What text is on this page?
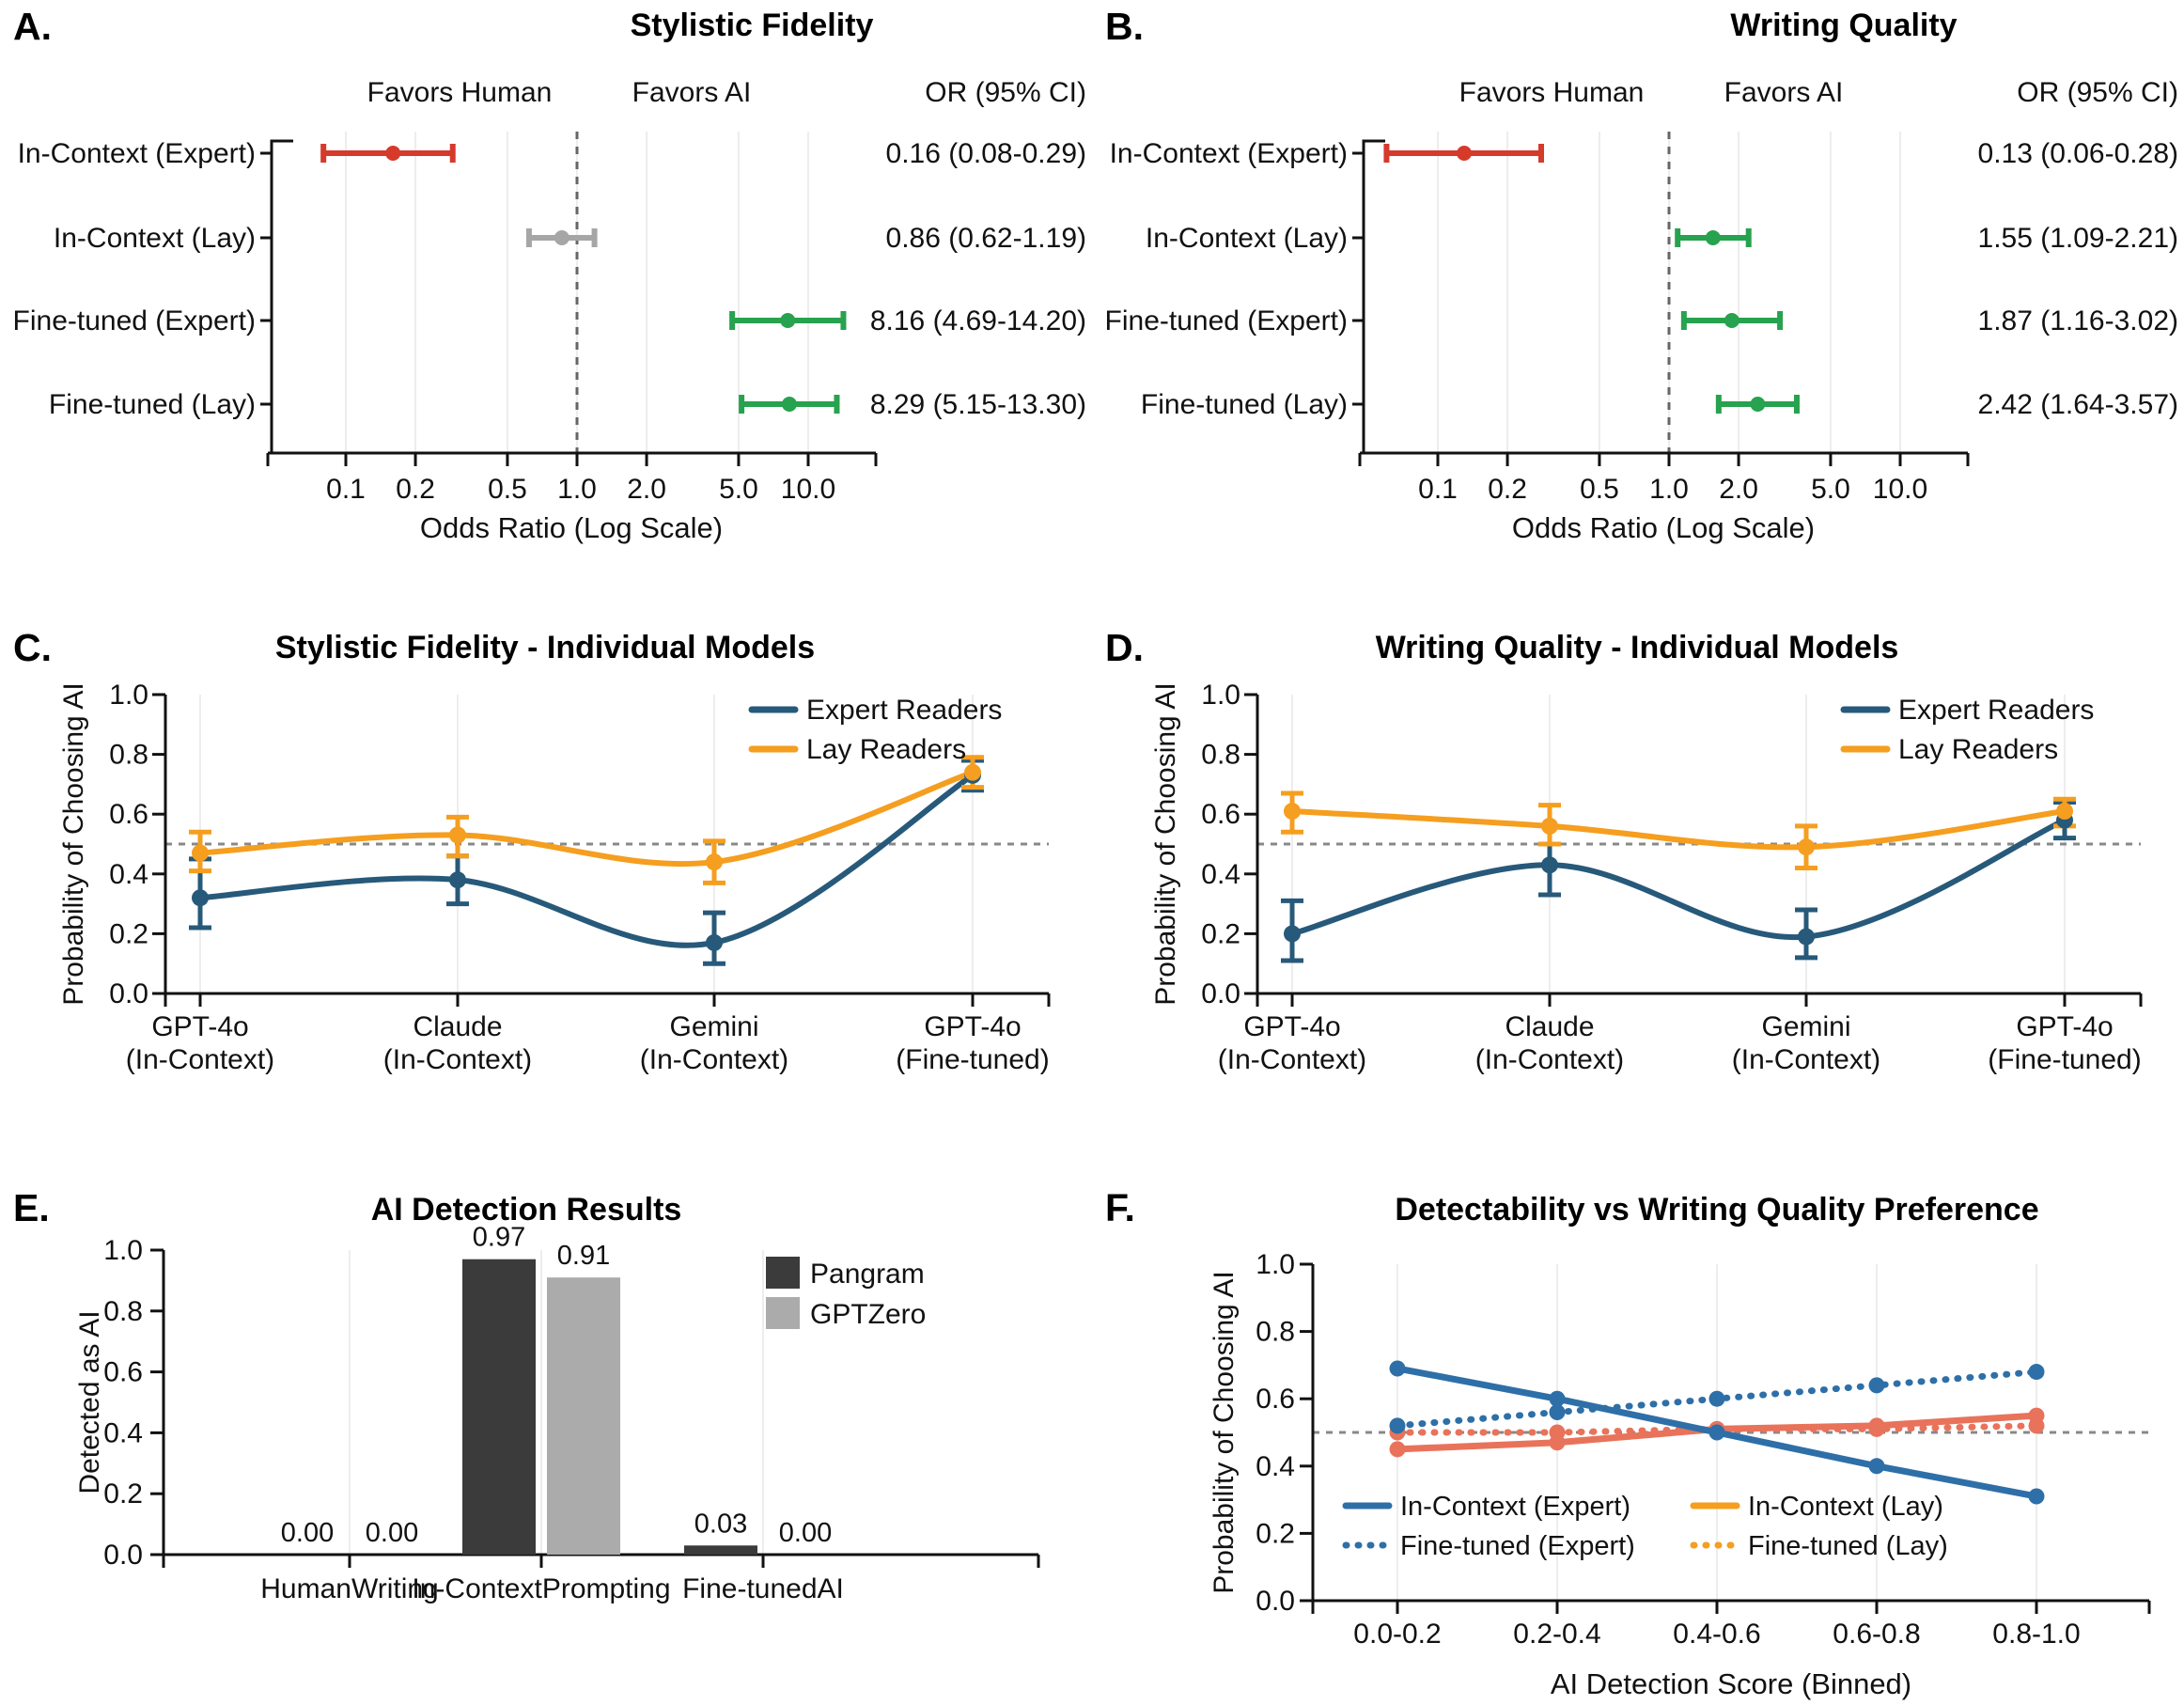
A.	Stylistic Fidelity
0.1 0.2 0.5 1.0 2.0 5.0 10.0
Odds Ratio (Log Scale)
Favors Human	Favors AI	OR (95% CI)
In-Context (Expert)	0.16 (0.08-0.29)
In-Context (Lay)	0.86 (0.62-1.19)
Fine-tuned (Expert)	8.16 (4.69-14.20)
Fine-tuned (Lay)	8.29 (5.15-13.30)
B.	Writing Quality
0.1 0.2 0.5 1.0 2.0 5.0 10.0
Odds Ratio (Log Scale)
Favors Human	Favors AI	OR (95% CI)
In-Context (Expert)	0.13 (0.06-0.28)
In-Context (Lay)	1.55 (1.09-2.21)
Fine-tuned (Expert)	1.87 (1.16-3.02)
Fine-tuned (Lay)	2.42 (1.64-3.57)
C.	Stylistic Fidelity - Individual Models
0.0
0.2
0.4
0.6
0.8
1.0
Probability of Choosing AI
GPT-4o
(In-Context)
Claude
(In-Context)
Gemini
(In-Context)
GPT-4o
(Fine-tuned)
Expert Readers
Lay Readers
D.	Writing Quality - Individual Models
0.0
0.2
0.4
0.6
0.8
1.0
Probability of Choosing AI
GPT-4o
(In-Context)
Claude
(In-Context)
Gemini
(In-Context)
GPT-4o
(Fine-tuned)
Expert Readers
Lay Readers
E.	AI Detection Results
0.0
0.2
0.4
0.6
0.8
1.0
Detected as AI
HumanWriting
In-ContextPrompting Fine-tunedAI
0.00
0.97
0.03
0.00
0.91
0.00
Pangram
GPTZero
F.	Detectability vs Writing Quality Preference
0.0
0.2
0.4
0.6
0.8
1.0
0.0-0.2	0.2-0.4	0.4-0.6	0.6-0.8	0.8-1.0
AI Detection Score (Binned)
Probability of Choosing AI	In-Context (Expert)
Fine-tuned (Expert)
In-Context (Lay)
Fine-tuned (Lay)
